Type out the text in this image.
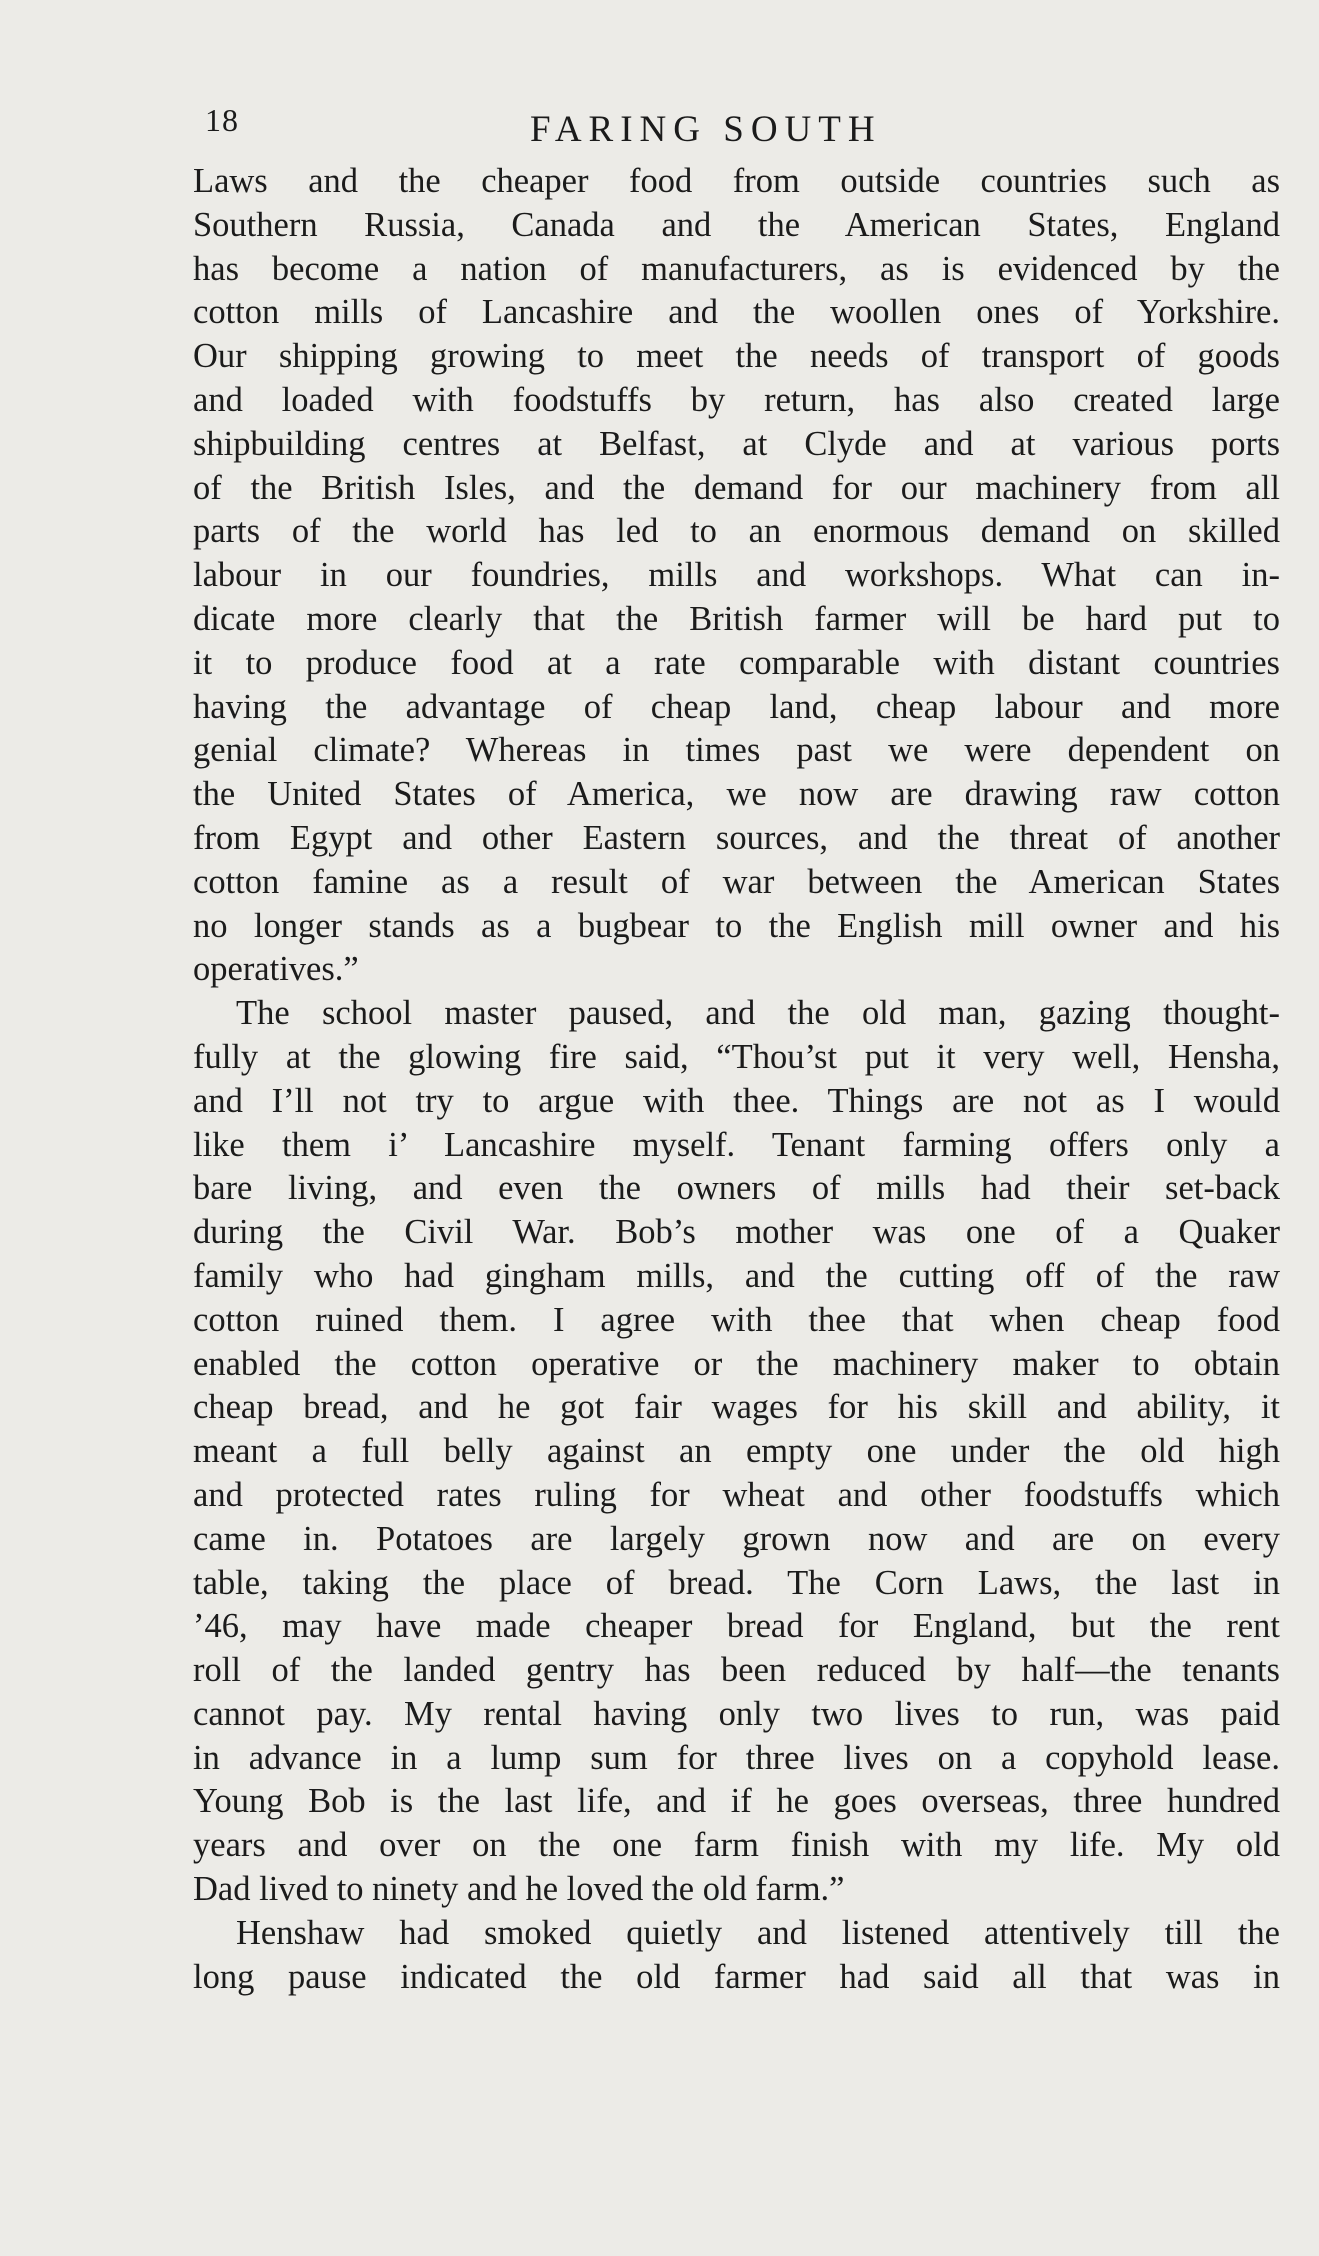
18	FARING SOUTH
Laws and the cheaper food from outside countries such as
Southern Russia, Canada and the American States, England
has become a nation of manufacturers, as is evidenced by the
cotton mills of Lancashire and the woollen ones of Yorkshire.
Our shipping growing to meet the needs of transport of goods
and loaded with foodstuffs by return, has also created large
shipbuilding centres at Belfast, at Clyde and at various ports
of the British Isles, and the demand for our machinery from all
parts of the world has led to an enormous demand on skilled
labour in our foundries, mills and workshops. What can in-
dicate more clearly that the British farmer will be hard put to
it to produce food at a rate comparable with distant countries
having the advantage of cheap land, cheap labour and more
genial climate? Whereas in times past we were dependent on
the United States of America, we now are drawing raw cotton
from Egypt and other Eastern sources, and the threat of another
cotton famine as a result of war between the American States
no longer stands as a bugbear to the English mill owner and his
operatives.”
The school master paused, and the old man, gazing thought-
fully at the glowing fire said, “Thou’st put it very well, Hensha,
and I’ll not try to argue with thee. Things are not as I would
like them i’ Lancashire myself. Tenant farming offers only a
bare living, and even the owners of mills had their set-back
during the Civil War. Bob’s mother was one of a Quaker
family who had gingham mills, and the cutting off of the raw
cotton ruined them. I agree with thee that when cheap food
enabled the cotton operative or the machinery maker to obtain
cheap bread, and he got fair wages for his skill and ability, it
meant a full belly against an empty one under the old high
and protected rates ruling for wheat and other foodstuffs which
came in. Potatoes are largely grown now and are on every
table, taking the place of bread. The Corn Laws, the last in
’46, may have made cheaper bread for England, but the rent
roll of the landed gentry has been reduced by half—the tenants
cannot pay. My rental having only two lives to run, was paid
in advance in a lump sum for three lives on a copyhold lease.
Young Bob is the last life, and if he goes overseas, three hundred
years and over on the one farm finish with my life. My old
Dad lived to ninety and he loved the old farm.”
Henshaw had smoked quietly and listened attentively till the
long pause indicated the old farmer had said all that was in
